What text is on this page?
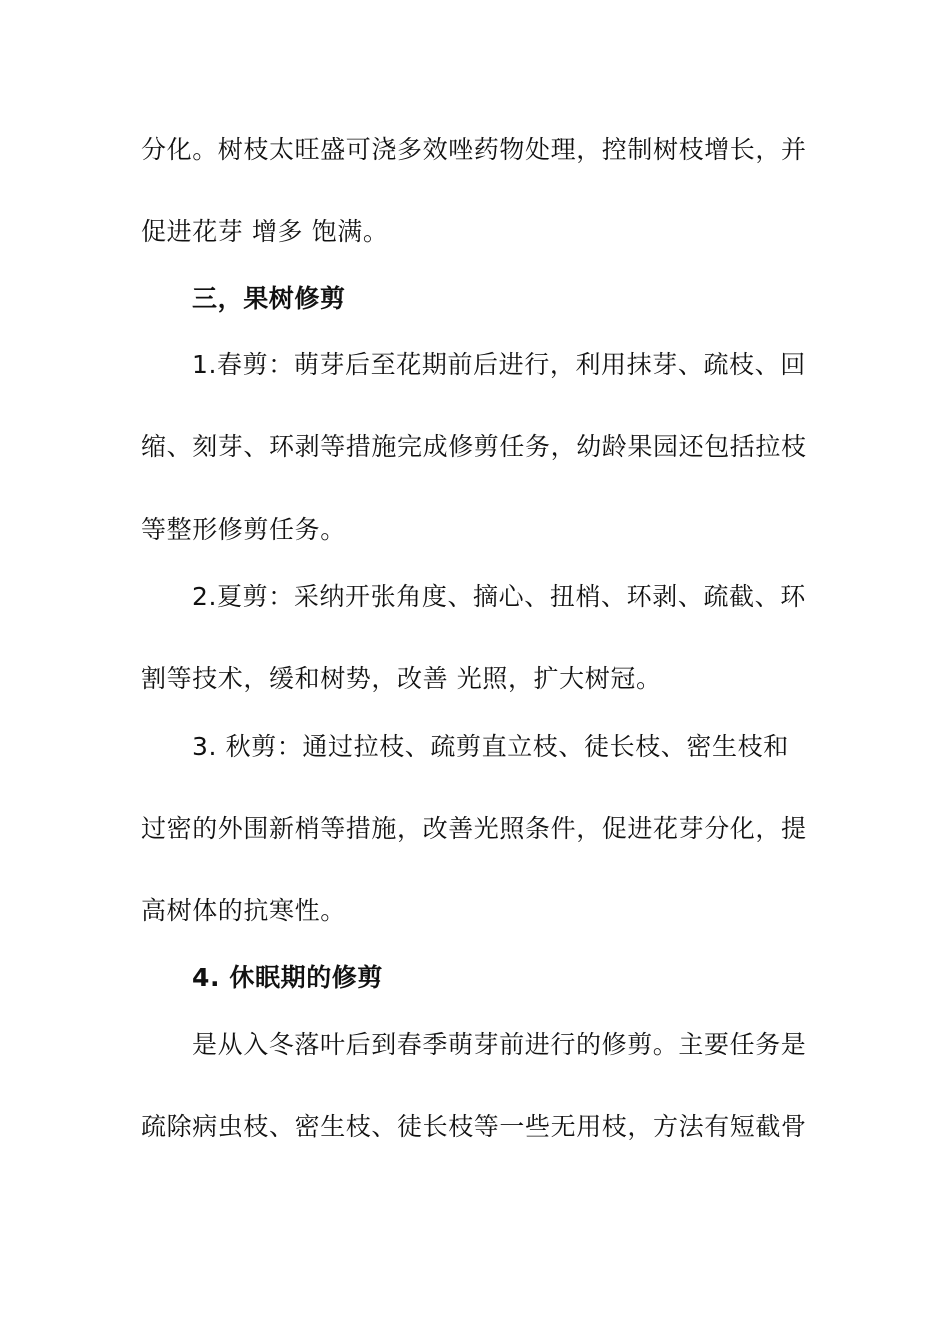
分化。树枝太旺盛可浇多效唑药物处理，控制树枝增长，并
促进花芽 增多 饱满。
三，果树修剪
1.春剪：萌芽后至花期前后进行，利用抹芽、疏枝、回
缩、刻芽、环剥等措施完成修剪任务，幼龄果园还包括拉枝
等整形修剪任务。
2.夏剪：采纳开张角度、摘心、扭梢、环剥、疏截、环
割等技术，缓和树势，改善 光照，扩大树冠。
3. 秋剪：通过拉枝、疏剪直立枝、徒长枝、密生枝和
过密的外围新梢等措施，改善光照条件，促进花芽分化，提
高树体的抗寒性。
4. 休眠期的修剪
是从入冬落叶后到春季萌芽前进行的修剪。主要任务是
疏除病虫枝、密生枝、徒长枝等一些无用枝，方法有短截骨
